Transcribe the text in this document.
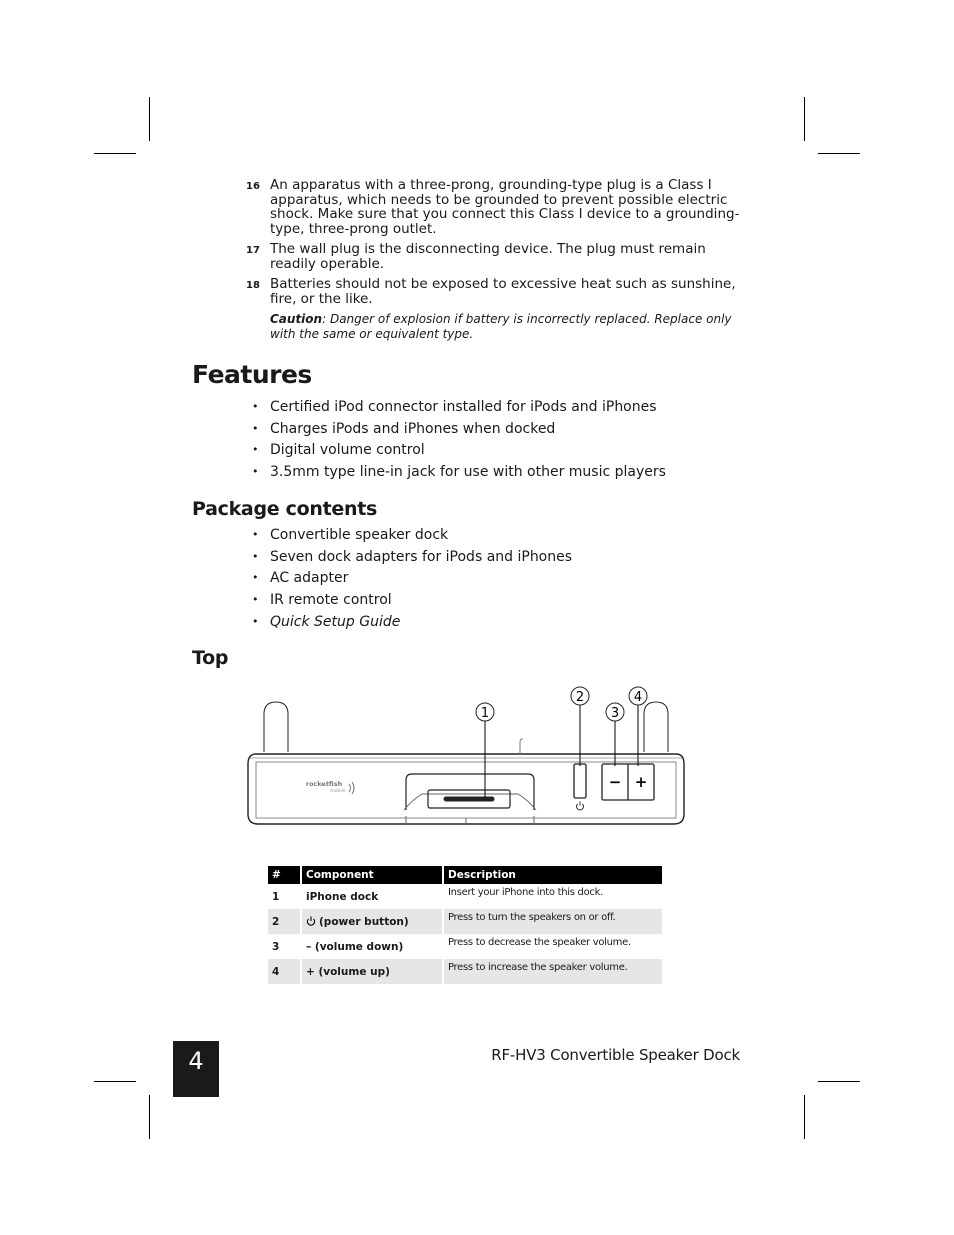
16 An apparatus with a three-prong, grounding-type plug is a Class I apparatus, which needs to be grounded to prevent possible electric shock. Make sure that you connect this Class I device to a grounding-type, three-prong outlet.
17 The wall plug is the disconnecting device. The plug must remain readily operable.
18 Batteries should not be exposed to excessive heat such as sunshine, fire, or the like.
Caution: Danger of explosion if battery is incorrectly replaced. Replace only with the same or equivalent type.
Features
• Certified iPod connector installed for iPods and iPhones
• Charges iPods and iPhones when docked
• Digital volume control
• 3.5mm type line-in jack for use with other music players
Package contents
• Convertible speaker dock
• Seven dock adapters for iPods and iPhones
• AC adapter
• IR remote control
• Quick Setup Guide
Top
1
2
3
4
− +
rocketfish
mobile
#	Component	Description
1	iPhone dock	Insert your iPhone into this dock.
2	(power button)	Press to turn the speakers on or off.
3	– (volume down)	Press to decrease the speaker volume.
4	+ (volume up)	Press to increase the speaker volume.
4	RF-HV3 Convertible Speaker Dock
